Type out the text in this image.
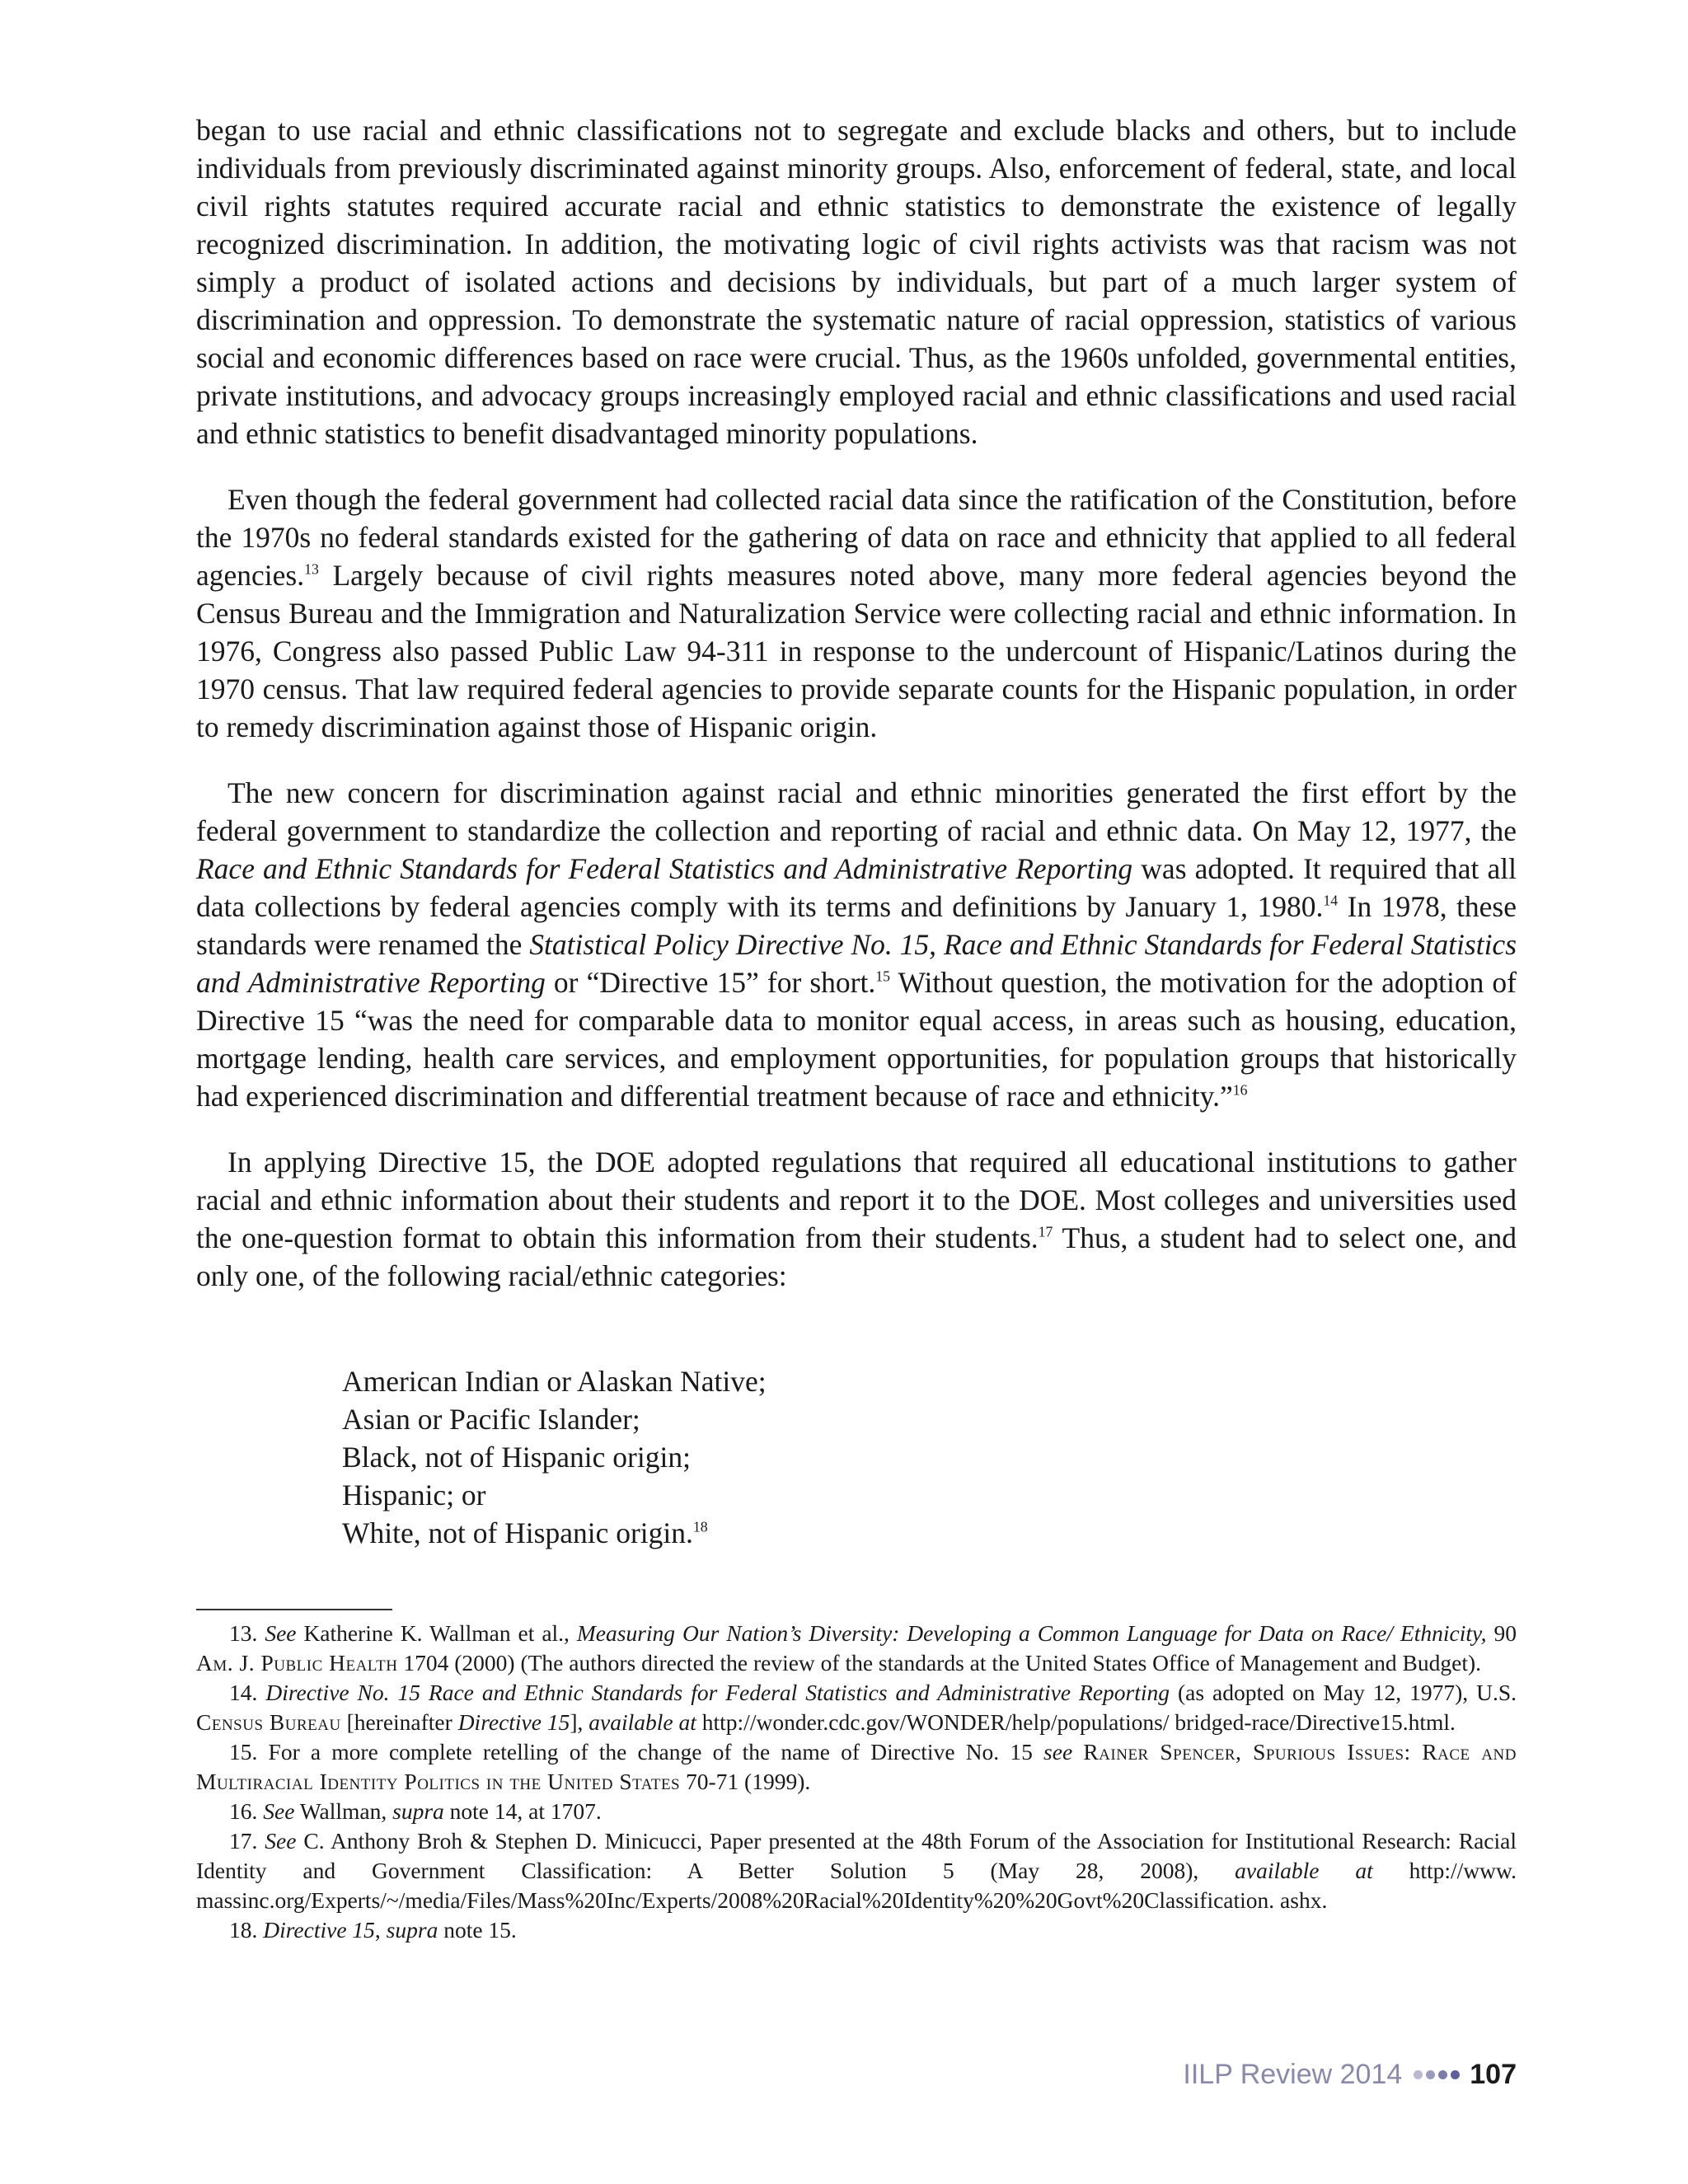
began to use racial and ethnic classifications not to segregate and exclude blacks and others, but to include individuals from previously discriminated against minority groups. Also, enforcement of federal, state, and local civil rights statutes required accurate racial and ethnic statistics to demonstrate the existence of legally recognized discrimination. In addition, the motivating logic of civil rights activists was that racism was not simply a product of isolated actions and decisions by individuals, but part of a much larger system of discrimination and oppression. To demonstrate the systematic nature of racial oppression, statistics of various social and economic differences based on race were crucial. Thus, as the 1960s unfolded, governmental entities, private institutions, and advocacy groups increasingly employed racial and ethnic classifications and used racial and ethnic statistics to benefit disadvantaged minority populations.

Even though the federal government had collected racial data since the ratification of the Constitution, before the 1970s no federal standards existed for the gathering of data on race and ethnicity that applied to all federal agencies.$^{13}$ Largely because of civil rights measures noted above, many more federal agencies beyond the Census Bureau and the Immigration and Naturalization Service were collecting racial and ethnic information. In 1976, Congress also passed Public Law 94-311 in response to the undercount of Hispanic/Latinos during the 1970 census. That law required federal agencies to provide separate counts for the Hispanic population, in order to remedy discrimination against those of Hispanic origin.

The new concern for discrimination against racial and ethnic minorities generated the first effort by the federal government to standardize the collection and reporting of racial and ethnic data. On May 12, 1977, the Race and Ethnic Standards for Federal Statistics and Administrative Reporting was adopted. It required that all data collections by federal agencies comply with its terms and definitions by January 1, 1980.14 In 1978, these standards were renamed the Statistical Policy Directive No. 15, Race and Ethnic Standards for Federal Statistics and Administrative Reporting or “Directive 15” for short.$^{15}$ Without question, the motivation for the adoption of Directive 15 “was the need for comparable data to monitor equal access, in areas such as housing, education, mortgage lending, health care services, and employment opportunities, for population groups that historically had experienced discrimination and differential treatment because of race and ethnicity.”$^{16}$

In applying Directive 15, the DOE adopted regulations that required all educational institutions to gather racial and ethnic information about their students and report it to the DOE. Most colleges and universities used the one-question format to obtain this information from their students.$^{17}$ Thus, a student had to select one, and only one, of the following racial/ethnic categories:

American Indian or Alaskan Native;
Asian or Pacific Islander;
Black, not of Hispanic origin;
Hispanic; or
White, not of Hispanic origin.$^{18}$
13. See Katherine K. Wallman et al., Measuring Our Nation’s Diversity: Developing a Common Language for Data on Race/ Ethnicity, 90 Am. J. Public Health 1704 (2000) (The authors directed the review of the standards at the United States Office of Management and Budget).
14. Directive No. 15 Race and Ethnic Standards for Federal Statistics and Administrative Reporting (as adopted on May 12, 1977), U.S. Census Bureau [hereinafter Directive 15], available at http://wonder.cdc.gov/WONDER/help/populations/ bridged-race/Directive15.html.
15. For a more complete retelling of the change of the name of Directive No. 15 see Rainer Spencer, Spurious Issues: Race and Multiracial Identity Politics in the United States 70-71 (1999).
16. See Wallman, supra note 14, at 1707.
17. See C. Anthony Broh & Stephen D. Minicucci, Paper presented at the 48th Forum of the Association for Institutional Research: Racial Identity and Government Classification: A Better Solution 5 (May 28, 2008), available at http://www. massinc.org/Experts/~/media/Files/Mass%20Inc/Experts/2008%20Racial%20Identity%20%20Govt%20Classification. ashx.
18. Directive 15, supra note 15.
IILP Review 2014 107
